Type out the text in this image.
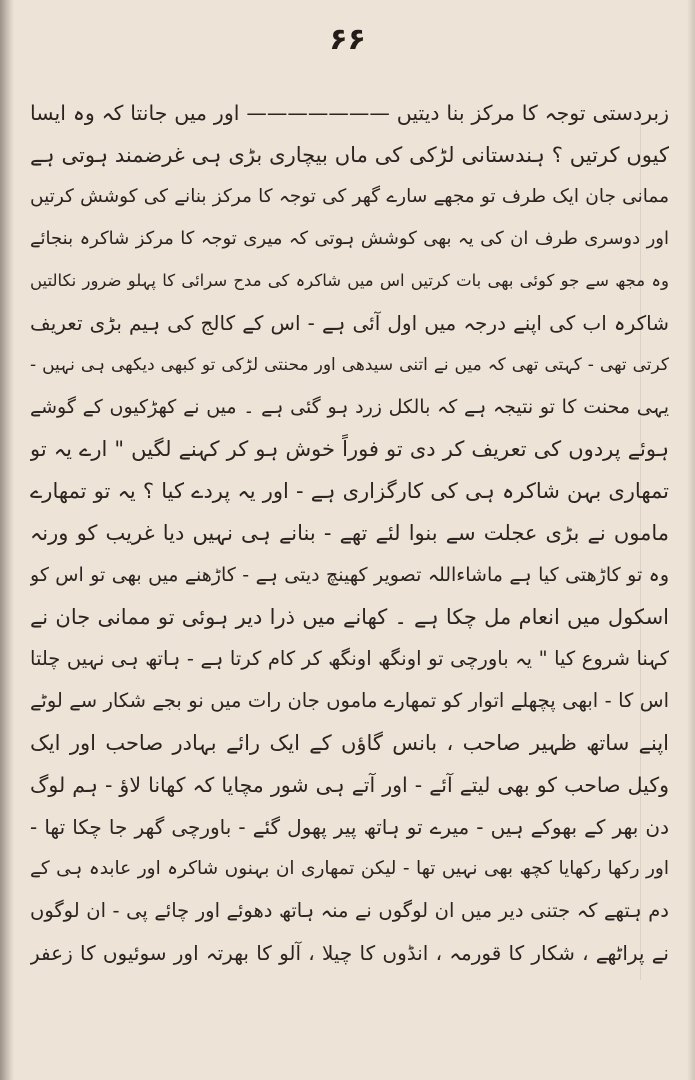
۶۶
زبردستی توجہ کا مرکز بنا دیتیں ——————— اور میں جانتا کہ وہ ایسا
کیوں کرتیں ؟ ہندستانی لڑکی کی ماں بیچاری بڑی ہی غرضمند ہوتی ہے
ممانی جان ایک طرف تو مجھے سارے گھر کی توجہ کا مرکز بنانے کی کوشش کرتیں
اور دوسری طرف ان کی یہ بھی کوشش ہوتی کہ میری توجہ کا مرکز شاکرہ بنجائے
وہ مجھ سے جو کوئی بھی بات کرتیں اس میں شاکرہ کی مدح سرائی کا پہلو ضرور نکالتیں
شاکرہ اب کی اپنے درجہ میں اول آئی ہے - اس کے کالج کی ہیم بڑی تعریف
کرتی تھی - کہتی تھی کہ میں نے اتنی سیدھی اور محنتی لڑکی تو کبھی دیکھی ہی نہیں -
یہی محنت کا تو نتیجہ ہے کہ بالکل زرد ہو گئی ہے ۔ میں نے کھڑکیوں کے گوشے
ہوئے پردوں کی تعریف کر دی تو فوراً خوش ہو کر کہنے لگیں " ارے یہ تو
تمھاری بہن شاکرہ ہی کی کارگزاری ہے - اور یہ پردے کیا ؟ یہ تو تمھارے
ماموں نے بڑی عجلت سے بنوا لئے تھے - بنانے ہی نہیں دیا غریب کو ورنہ
وہ تو کاڑھتی کیا ہے ماشاءاللہ تصویر کھینچ دیتی ہے - کاڑھنے میں بھی تو اس کو
اسکول میں انعام مل چکا ہے ۔ کھانے میں ذرا دیر ہوئی تو ممانی جان نے
کہنا شروع کیا " یہ باورچی تو اونگھ اونگھ کر کام کرتا ہے - ہاتھ ہی نہیں چلتا
اس کا - ابھی پچھلے اتوار کو تمھارے ماموں جان رات میں نو بجے شکار سے لوٹے
اپنے ساتھ ظہیر صاحب ، بانس گاؤں کے ایک رائے بہادر صاحب اور ایک
وکیل صاحب کو بھی لیتے آئے - اور آتے ہی شور مچایا کہ کھانا لاؤ - ہم لوگ
دن بھر کے بھوکے ہیں - میرے تو ہاتھ پیر پھول گئے - باورچی گھر جا چکا تھا -
اور رکھا رکھایا کچھ بھی نہیں تھا - لیکن تمھاری ان بہنوں شاکرہ اور عابدہ ہی کے
دم ہتھے کہ جتنی دیر میں ان لوگوں نے منہ ہاتھ دھوئے اور چائے پی - ان لوگوں
نے پراٹھے ، شکار کا قورمہ ، انڈوں کا چیلا ، آلو کا بھرتہ اور سوئیوں کا زعفر
